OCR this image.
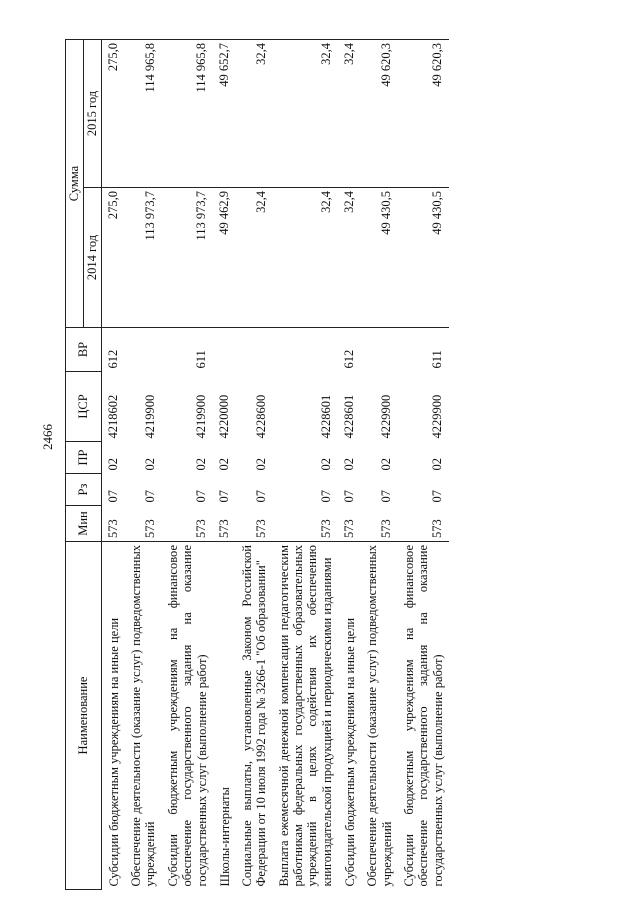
2466
Наименование	Мин	Рз	ПР	ЦСР	ВР	Сумма	
						2014 год	2015 год
Субсидии бюджетным учреждениям на иные цели	573	07	02	4218602	612	275,0	275,0
Обеспечение деятельности (оказание услуг) подведомственных учреждений	573	07	02	4219900		113 973,7	114 965,8
Субсидии бюджетным учреждениям на финансовое обеспечение государственного задания на оказание государственных услуг (выполнение работ)	573	07	02	4219900	611	113 973,7	114 965,8
Школы-интернаты	573	07	02	4220000		49 462,9	49 652,7
Социальные выплаты, установленные Законом Российской Федерации от 10 июля 1992 года № 3266-1 "Об образовании"	573	07	02	4228600		32,4	32,4
Выплата ежемесячной денежной компенсации педагогическим работникам федеральных государственных образовательных учреждений в целях содействия их обеспечению книгоиздательской продукцией и периодическими изданиями	573	07	02	4228601		32,4	32,4
Субсидии бюджетным учреждениям на иные цели	573	07	02	4228601	612	32,4	32,4
Обеспечение деятельности (оказание услуг) подведомственных учреждений	573	07	02	4229900		49 430,5	49 620,3
Субсидии бюджетным учреждениям на финансовое обеспечение государственного задания на оказание государственных услуг (выполнение работ)	573	07	02	4229900	611	49 430,5	49 620,3
